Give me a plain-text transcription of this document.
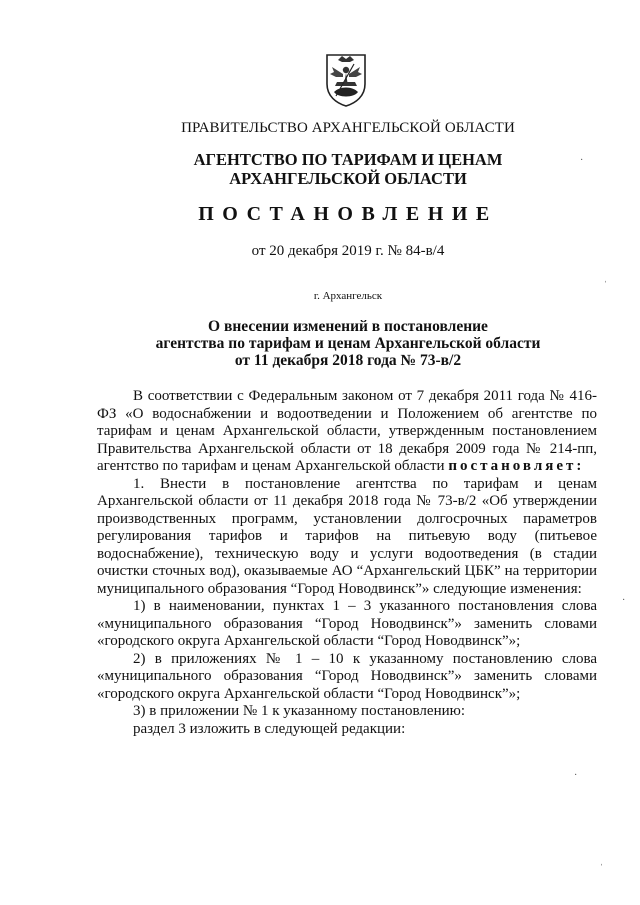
ПРАВИТЕЛЬСТВО АРХАНГЕЛЬСКОЙ ОБЛАСТИ
АГЕНТСТВО ПО ТАРИФАМ И ЦЕНАМ
АРХАНГЕЛЬСКОЙ ОБЛАСТИ
ПОСТАНОВЛЕНИЕ
от 20 декабря 2019 г. № 84-в/4
г. Архангельск
О внесении изменений в постановление
агентства по тарифам и ценам Архангельской области
от 11 декабря 2018 года № 73-в/2

В соответствии с Федеральным законом от 7 декабря 2011 года № 416-ФЗ «О водоснабжении и водоотведении и Положением об агентстве по тарифам и ценам Архангельской области, утвержденным постановлением Правительства Архангельской области от 18 декабря 2009 года № 214-пп, агентство по тарифам и ценам Архангельской области постановляет:

1. Внести в постановление агентства по тарифам и ценам Архангельской области от 11 декабря 2018 года № 73-в/2 «Об утверждении производственных программ, установлении долгосрочных параметров регулирования тарифов и тарифов на питьевую воду (питьевое водоснабжение), техническую воду и услуги водоотведения (в стадии очистки сточных вод), оказываемые АО “Архангельский ЦБК” на территории муниципального образования “Город Новодвинск”» следующие изменения:

1) в наименовании, пунктах 1 – 3 указанного постановления слова «муниципального образования “Город Новодвинск”» заменить словами «городского округа Архангельской области “Город Новодвинск”»;

2) в приложениях № 1 – 10 к указанному постановлению слова «муниципального образования “Город Новодвинск”» заменить словами «городского округа Архангельской области “Город Новодвинск”»;

3) в приложении № 1 к указанному постановлению:

раздел 3 изложить в следующей редакции:

·
ˌ
·
·
ˌ
